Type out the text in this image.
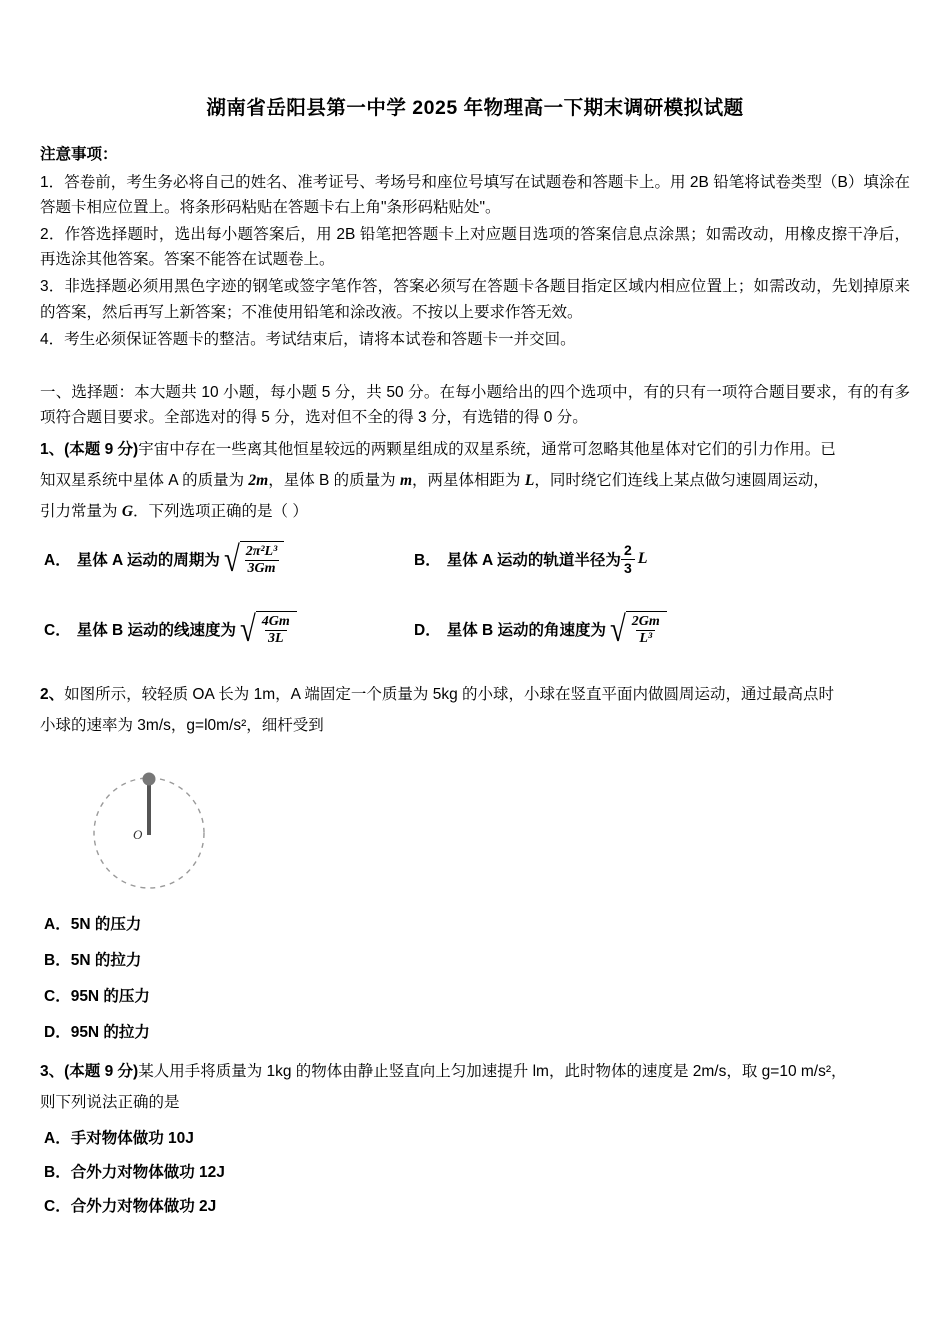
湖南省岳阳县第一中学 2025 年物理高一下期末调研模拟试题
注意事项：
1．答卷前，考生务必将自己的姓名、准考证号、考场号和座位号填写在试题卷和答题卡上。用 2B 铅笔将试卷类型（B）填涂在答题卡相应位置上。将条形码粘贴在答题卡右上角"条形码粘贴处"。
2．作答选择题时，选出每小题答案后，用 2B 铅笔把答题卡上对应题目选项的答案信息点涂黑；如需改动，用橡皮擦干净后，再选涂其他答案。答案不能答在试题卷上。
3．非选择题必须用黑色字迹的钢笔或签字笔作答，答案必须写在答题卡各题目指定区域内相应位置上；如需改动，先划掉原来的答案，然后再写上新答案；不准使用铅笔和涂改液。不按以上要求作答无效。
4．考生必须保证答题卡的整洁。考试结束后，请将本试卷和答题卡一并交回。
一、选择题：本大题共 10 小题，每小题 5 分，共 50 分。在每小题给出的四个选项中，有的只有一项符合题目要求，有的有多项符合题目要求。全部选对的得 5 分，选对但不全的得 3 分，有选错的得 0 分。
1、(本题 9 分)宇宙中存在一些离其他恒星较远的两颗星组成的双星系统，通常可忽略其他星体对它们的引力作用。已
知双星系统中星体 A 的质量为 2m，星体 B 的质量为 m，两星体相距为 L，同时绕它们连线上某点做匀速圆周运动，
引力常量为 G．下列选项正确的是（ ）
A． 星体 A 运动的周期为 √ $\frac{\text{2π²L³}}{3Gm}$	B． 星体 A 运动的轨道半径为 $\frac{2}{3}$ L
C． 星体 B 运动的线速度为 √ $\frac{4Gm}{3L}$	D． 星体 B 运动的角速度为 √ $\frac{2Gm}{\text{L³}}$
2、如图所示，较轻质 OA 长为 1m，A 端固定一个质量为 5kg 的小球，小球在竖直平面内做圆周运动，通过最高点时
小球的速率为 3m/s，g=l0m/s²，细杆受到
O
A．5N 的压力
B．5N 的拉力
C．95N 的压力
D．95N 的拉力
3、(本题 9 分)某人用手将质量为 1kg 的物体由静止竖直向上匀加速提升 lm，此时物体的速度是 2m/s，取 g=10 m/s²，
则下列说法正确的是
A．手对物体做功 10J
B．合外力对物体做功 12J
C．合外力对物体做功 2J
